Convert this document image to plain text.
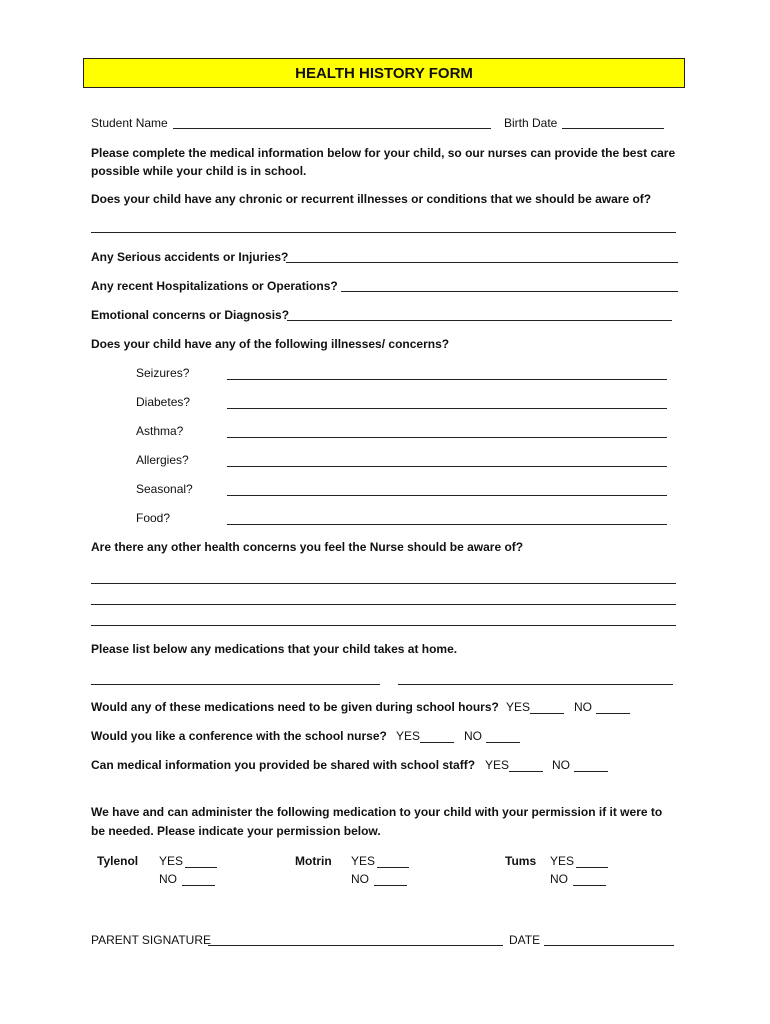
HEALTH HISTORY FORM
Student Name	Birth Date
Please complete the medical information below for your child, so our nurses can provide the best care possible while your child is in school.
Does your child have any chronic or recurrent illnesses or conditions that we should be aware of?
Any Serious accidents or Injuries?
Any recent Hospitalizations or Operations?
Emotional concerns or Diagnosis?
Does your child have any of the following illnesses/ concerns?
Seizures?
Diabetes?
Asthma?
Allergies?
Seasonal?
Food?
Are there any other health concerns you feel the Nurse should be aware of?
Please list below any medications that your child takes at home.
Would any of these medications need to be given during school hours? YES	NO
Would you like a conference with the school nurse? YES	NO
Can medical information you provided be shared with school staff? YES	NO
We have and can administer the following medication to your child with your permission if it were to
be needed. Please indicate your permission below.
Tylenol YES
NO
Motrin YES
NO
Tums YES
NO
PARENT SIGNATURE	DATE
